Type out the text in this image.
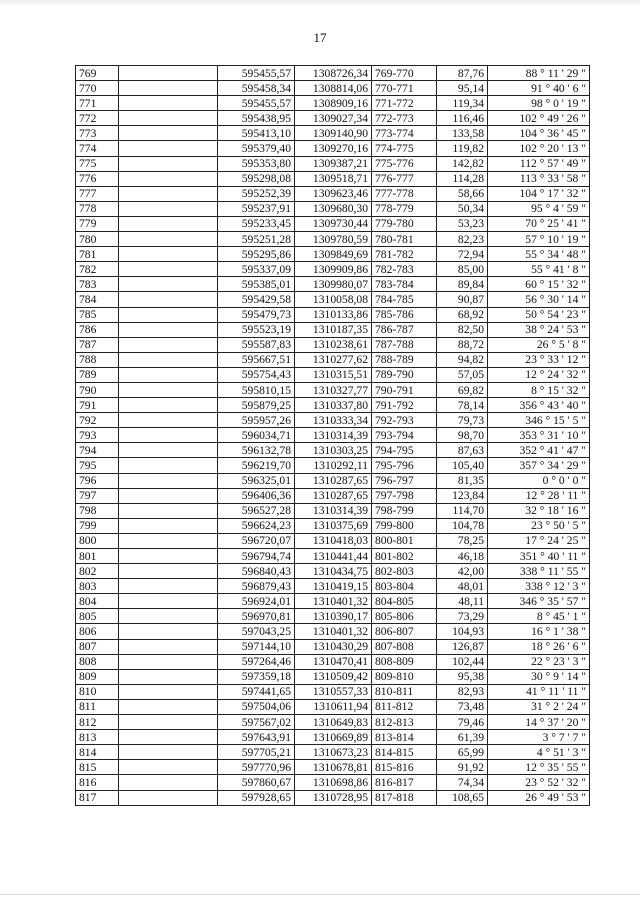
17
769		595455,57	1308726,34	769-770	87,76	88 ° 11 ' 29 "
770		595458,34	1308814,06	770-771	95,14	91 ° 40 ' 6 "
771		595455,57	1308909,16	771-772	119,34	98 ° 0 ' 19 "
772		595438,95	1309027,34	772-773	116,46	102 ° 49 ' 26 "
773		595413,10	1309140,90	773-774	133,58	104 ° 36 ' 45 "
774		595379,40	1309270,16	774-775	119,82	102 ° 20 ' 13 "
775		595353,80	1309387,21	775-776	142,82	112 ° 57 ' 49 "
776		595298,08	1309518,71	776-777	114,28	113 ° 33 ' 58 "
777		595252,39	1309623,46	777-778	58,66	104 ° 17 ' 32 "
778		595237,91	1309680,30	778-779	50,34	95 ° 4 ' 59 "
779		595233,45	1309730,44	779-780	53,23	70 ° 25 ' 41 "
780		595251,28	1309780,59	780-781	82,23	57 ° 10 ' 19 "
781		595295,86	1309849,69	781-782	72,94	55 ° 34 ' 48 "
782		595337,09	1309909,86	782-783	85,00	55 ° 41 ' 8 "
783		595385,01	1309980,07	783-784	89,84	60 ° 15 ' 32 "
784		595429,58	1310058,08	784-785	90,87	56 ° 30 ' 14 "
785		595479,73	1310133,86	785-786	68,92	50 ° 54 ' 23 "
786		595523,19	1310187,35	786-787	82,50	38 ° 24 ' 53 "
787		595587,83	1310238,61	787-788	88,72	26 ° 5 ' 8 "
788		595667,51	1310277,62	788-789	94,82	23 ° 33 ' 12 "
789		595754,43	1310315,51	789-790	57,05	12 ° 24 ' 32 "
790		595810,15	1310327,77	790-791	69,82	8 ° 15 ' 32 "
791		595879,25	1310337,80	791-792	78,14	356 ° 43 ' 40 "
792		595957,26	1310333,34	792-793	79,73	346 ° 15 ' 5 "
793		596034,71	1310314,39	793-794	98,70	353 ° 31 ' 10 "
794		596132,78	1310303,25	794-795	87,63	352 ° 41 ' 47 "
795		596219,70	1310292,11	795-796	105,40	357 ° 34 ' 29 "
796		596325,01	1310287,65	796-797	81,35	0 ° 0 ' 0 "
797		596406,36	1310287,65	797-798	123,84	12 ° 28 ' 11 "
798		596527,28	1310314,39	798-799	114,70	32 ° 18 ' 16 "
799		596624,23	1310375,69	799-800	104,78	23 ° 50 ' 5 "
800		596720,07	1310418,03	800-801	78,25	17 ° 24 ' 25 "
801		596794,74	1310441,44	801-802	46,18	351 ° 40 ' 11 "
802		596840,43	1310434,75	802-803	42,00	338 ° 11 ' 55 "
803		596879,43	1310419,15	803-804	48,01	338 ° 12 ' 3 "
804		596924,01	1310401,32	804-805	48,11	346 ° 35 ' 57 "
805		596970,81	1310390,17	805-806	73,29	8 ° 45 ' 1 "
806		597043,25	1310401,32	806-807	104,93	16 ° 1 ' 38 "
807		597144,10	1310430,29	807-808	126,87	18 ° 26 ' 6 "
808		597264,46	1310470,41	808-809	102,44	22 ° 23 ' 3 "
809		597359,18	1310509,42	809-810	95,38	30 ° 9 ' 14 "
810		597441,65	1310557,33	810-811	82,93	41 ° 11 ' 11 "
811		597504,06	1310611,94	811-812	73,48	31 ° 2 ' 24 "
812		597567,02	1310649,83	812-813	79,46	14 ° 37 ' 20 "
813		597643,91	1310669,89	813-814	61,39	3 ° 7 ' 7 "
814		597705,21	1310673,23	814-815	65,99	4 ° 51 ' 3 "
815		597770,96	1310678,81	815-816	91,92	12 ° 35 ' 55 "
816		597860,67	1310698,86	816-817	74,34	23 ° 52 ' 32 "
817		597928,65	1310728,95	817-818	108,65	26 ° 49 ' 53 "
